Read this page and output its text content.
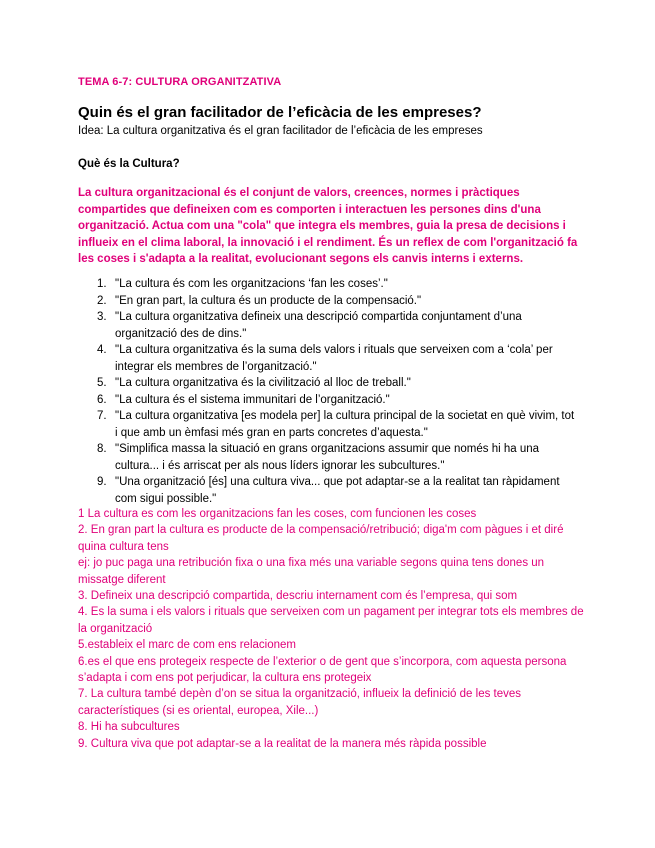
TEMA 6-7: CULTURA ORGANITZATIVA
Quin és el gran facilitador de l’eficàcia de les empreses?
Idea: La cultura organitzativa és el gran facilitador de l’eficàcia de les empreses
Què és la Cultura?
La cultura organitzacional és el conjunt de valors, creences, normes i pràctiques compartides que defineixen com es comporten i interactuen les persones dins d'una organització. Actua com una "cola" que integra els membres, guia la presa de decisions i influeix en el clima laboral, la innovació i el rendiment. És un reflex de com l'organització fa les coses i s'adapta a la realitat, evolucionant segons els canvis interns i externs.
1. "La cultura és com les organitzacions ‘fan les coses’."
2. "En gran part, la cultura és un producte de la compensació."
3. "La cultura organitzativa defineix una descripció compartida conjuntament d’una organització des de dins."
4. "La cultura organitzativa és la suma dels valors i rituals que serveixen com a ‘cola’ per integrar els membres de l’organització."
5. "La cultura organitzativa és la civilització al lloc de treball."
6. "La cultura és el sistema immunitari de l’organització."
7. "La cultura organitzativa [es modela per] la cultura principal de la societat en què vivim, tot i que amb un èmfasi més gran en parts concretes d’aquesta."
8. "Simplifica massa la situació en grans organitzacions assumir que només hi ha una cultura... i és arriscat per als nous líders ignorar les subcultures."
9. "Una organització [és] una cultura viva... que pot adaptar-se a la realitat tan ràpidament com sigui possible."
1 La cultura es com les organitzacions fan les coses, com funcionen les coses
2. En gran part la cultura es producte de la compensació/retribució; diga'm com pàgues i et diré quina cultura tens
ej: jo puc paga una retribución fixa o una fixa més una variable segons quina tens dones un missatge diferent
3. Defineix una descripció compartida, descriu internament com és l’empresa, qui som
4. Es la suma i els valors i rituals que serveixen com un pagament per integrar tots els membres de la organització
5.estableix el marc de com ens relacionem
6.es el que ens protegeix respecte de l’exterior o de gent que s’incorpora, com aquesta persona s’adapta i com ens pot perjudicar, la cultura ens protegeix
7. La cultura també depèn d’on se situa la organització, influeix la definició de les teves característiques (si es oriental, europea, Xile...)
8. Hi ha subcultures
9. Cultura viva que pot adaptar-se a la realitat de la manera més ràpida possible
